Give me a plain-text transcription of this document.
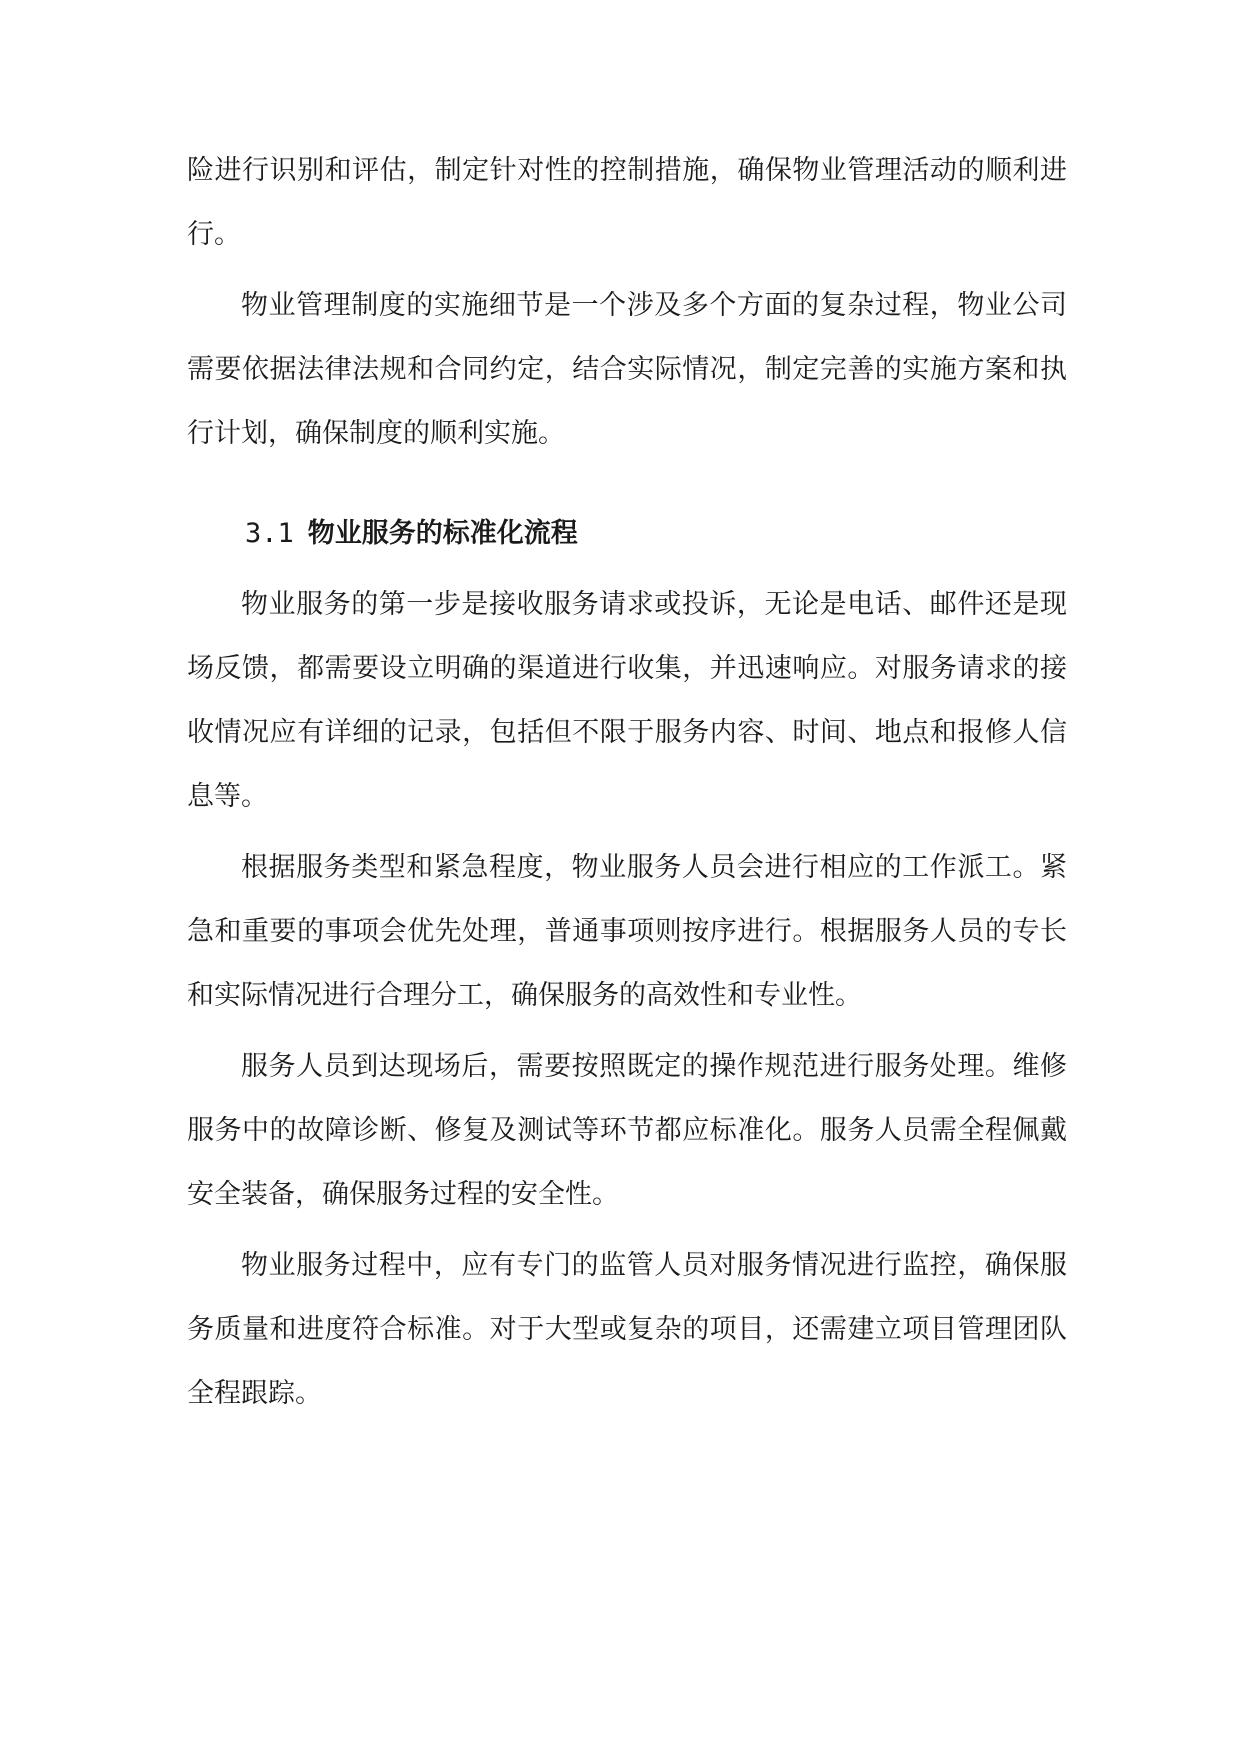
险进行识别和评估，制定针对性的控制措施，确保物业管理活动的顺利进行。

物业管理制度的实施细节是一个涉及多个方面的复杂过程，物业公司需要依据法律法规和合同约定，结合实际情况，制定完善的实施方案和执行计划，确保制度的顺利实施。

3.1 物业服务的标准化流程

物业服务的第一步是接收服务请求或投诉，无论是电话、邮件还是现场反馈，都需要设立明确的渠道进行收集，并迅速响应。对服务请求的接收情况应有详细的记录，包括但不限于服务内容、时间、地点和报修人信息等。

根据服务类型和紧急程度，物业服务人员会进行相应的工作派工。紧急和重要的事项会优先处理，普通事项则按序进行。根据服务人员的专长和实际情况进行合理分工，确保服务的高效性和专业性。

服务人员到达现场后，需要按照既定的操作规范进行服务处理。维修服务中的故障诊断、修复及测试等环节都应标准化。服务人员需全程佩戴安全装备，确保服务过程的安全性。

物业服务过程中，应有专门的监管人员对服务情况进行监控，确保服务质量和进度符合标准。对于大型或复杂的项目，还需建立项目管理团队全程跟踪。
